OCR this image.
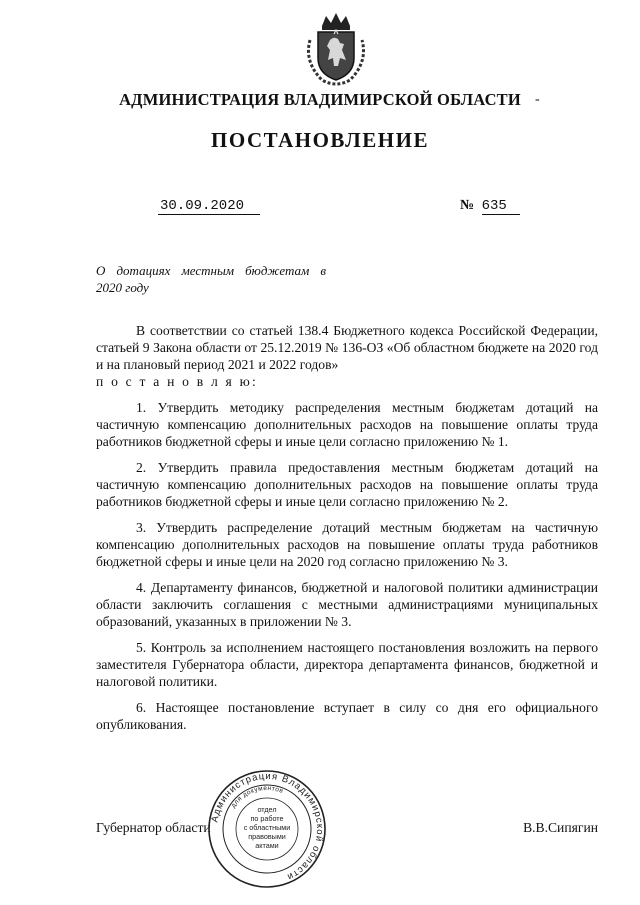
АДМИНИСТРАЦИЯ ВЛАДИМИРСКОЙ ОБЛАСТИ	-
ПОСТАНОВЛЕНИЕ
30.09.2020	№ 635
О дотациях местным бюджетам в
2020 году

В соответствии со статьей 138.4 Бюджетного кодекса Российской Федерации, статьей 9 Закона области от 25.12.2019 № 136-ОЗ «Об областном бюджете на 2020 год и на плановый период 2021 и 2022 годов»

п о с т а н о в л я ю:

1. Утвердить методику распределения местным бюджетам дотаций на частичную компенсацию дополнительных расходов на повышение оплаты труда работников бюджетной сферы и иные цели согласно приложению № 1.

2. Утвердить правила предоставления местным бюджетам дотаций на частичную компенсацию дополнительных расходов на повышение оплаты труда работников бюджетной сферы и иные цели согласно приложению № 2.

3. Утвердить распределение дотаций местным бюджетам на частичную компенсацию дополнительных расходов на повышение оплаты труда работников бюджетной сферы и иные цели на 2020 год согласно приложению № 3.

4. Департаменту финансов, бюджетной и налоговой политики администрации области заключить соглашения с местными администрациями муниципальных образований, указанных в приложении № 3.

5. Контроль за исполнением настоящего постановления возложить на первого заместителя Губернатора области, директора департамента финансов, бюджетной и налоговой политики.

6. Настоящее постановление вступает в силу со дня его официального опубликования.

Губернатор области	В.В.Сипягин
Администрация Владимирской области
для документов
отдел
по работе
с областными
правовыми
актами
